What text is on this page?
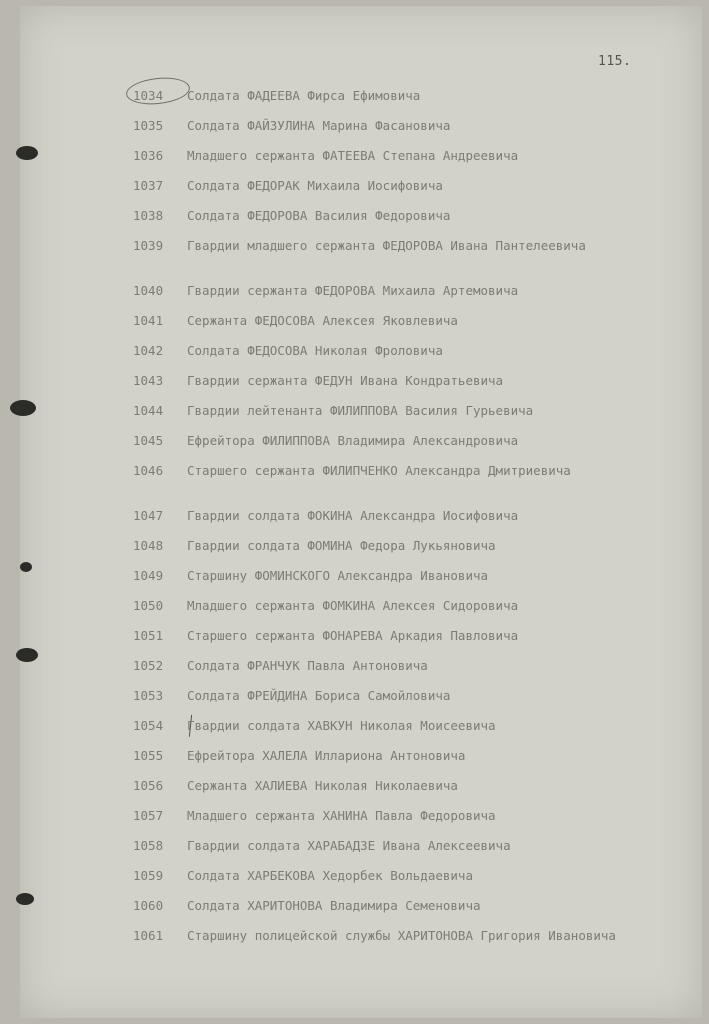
115.
1034	Солдата ФАДЕЕВА Фирса Ефимовича
1035	Солдата ФАЙЗУЛИНА Марина Фасановича
1036	Младшего сержанта ФАТЕЕВА Степана Андреевича
1037	Солдата ФЕДОРАК Михаила Иосифовича
1038	Солдата ФЕДОРОВА Василия Федоровича
1039	Гвардии младшего сержанта ФЕДОРОВА Ивана Пантелеевича
1040	Гвардии сержанта ФЕДОРОВА Михаила Артемовича
1041	Сержанта ФЕДОСОВА Алексея Яковлевича
1042	Солдата ФЕДОСОВА Николая Фроловича
1043	Гвардии сержанта ФЕДУН Ивана Кондратьевича
1044	Гвардии лейтенанта ФИЛИППОВА Василия Гурьевича
1045	Ефрейтора ФИЛИППОВА Владимира Александровича
1046	Старшего сержанта ФИЛИПЧЕНКО Александра Дмитриевича
1047	Гвардии солдата ФОКИНА Александра Иосифовича
1048	Гвардии солдата ФОМИНА Федора Лукьяновича
1049	Старшину ФОМИНСКОГО Александра Ивановича
1050	Младшего сержанта ФОМКИНА Алексея Сидоровича
1051	Старшего сержанта ФОНАРЕВА Аркадия Павловича
1052	Солдата ФРАНЧУК Павла Антоновича
1053	Солдата ФРЕЙДИНА Бориса Самойловича
1054	Гвардии солдата ХАВКУН Николая Моисеевича
1055	Ефрейтора ХАЛЕЛА Илларионa Антоновича
1056	Сержанта ХАЛИЕВА Николая Николаевича
1057	Младшего сержанта ХАНИНА Павла Федоровича
1058	Гвардии солдата ХАРАБАДЗЕ Ивана Алексеевича
1059	Солдата ХАРБЕКОВА Хедорбек Вольдаевича
1060	Солдата ХАРИТОНОВА Владимира Семеновича
1061	Старшину полицейской службы ХАРИТОНОВА Григория Ивановича
